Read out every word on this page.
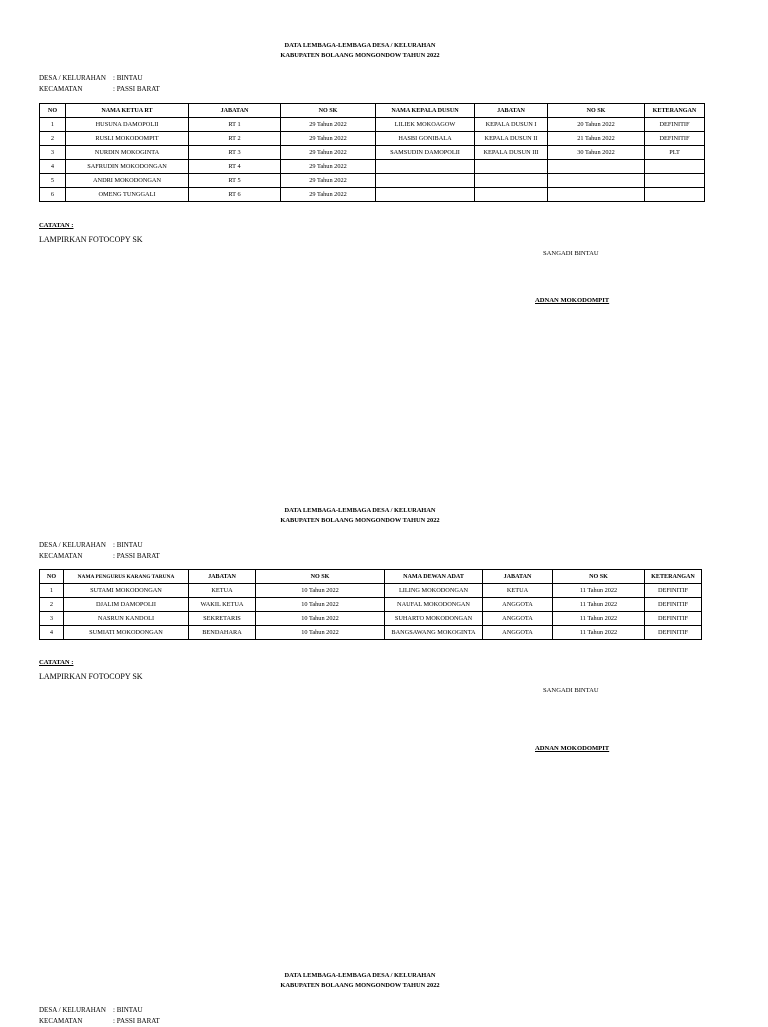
DATA LEMBAGA-LEMBAGA DESA / KELURAHAN
KABUPATEN BOLAANG MONGONDOW TAHUN 2022
DESA / KELURAHAN : BINTAU
KECAMATAN	: PASSI BARAT
NO	NAMA KETUA RT	JABATAN	NO SK	NAMA KEPALA DUSUN	JABATAN	NO SK	KETERANGAN
1	HUSUNA DAMOPOLII	RT 1	29 Tahun 2022	LILIEK MOKOAGOW	KEPALA DUSUN I	20 Tahun 2022	DEFINITIF
2	RUSLI MOKODOMPIT	RT 2	29 Tahun 2022	HASBI GONIBALA	KEPALA DUSUN II	21 Tahun 2022	DEFINITIF
3	NURDIN MOKOGINTA	RT 3	29 Tahun 2022	SAMSUDIN DAMOPOLII	KEPALA DUSUN III	30 Tahun 2022	PLT
4	SAFRUDIN MOKODONGAN	RT 4	29 Tahun 2022				
5	ANDRI MOKODONGAN	RT 5	29 Tahun 2022				
6	OMENG TUNGGALI	RT 6	29 Tahun 2022				
CATATAN :
LAMPIRKAN FOTOCOPY SK
SANGADI BINTAU
ADNAN MOKODOMPIT
DATA LEMBAGA-LEMBAGA DESA / KELURAHAN
KABUPATEN BOLAANG MONGONDOW TAHUN 2022
DESA / KELURAHAN : BINTAU
KECAMATAN	: PASSI BARAT
NO	NAMA PENGURUS KARANG TARUNA	JABATAN	NO SK	NAMA DEWAN ADAT	JABATAN	NO SK	KETERANGAN
1	SUTAMI MOKODONGAN	KETUA	10 Tahun 2022	LILING MOKODONGAN	KETUA	11 Tahun 2022	DEFINITIF
2	DJALIM DAMOPOLII	WAKIL KETUA	10 Tahun 2022	NAUFAL MOKODONGAN	ANGGOTA	11 Tahun 2022	DEFINITIF
3	NASRUN KANDOLI	SEKRETARIS	10 Tahun 2022	SUHARTO MOKODONGAN	ANGGOTA	11 Tahun 2022	DEFINITIF
4	SUMIATI MOKODONGAN	BENDAHARA	10 Tahun 2022	BANGSAWANG MOKOGINTA	ANGGOTA	11 Tahun 2022	DEFINITIF
CATATAN :
LAMPIRKAN FOTOCOPY SK
SANGADI BINTAU
ADNAN MOKODOMPIT
DATA LEMBAGA-LEMBAGA DESA / KELURAHAN
KABUPATEN BOLAANG MONGONDOW TAHUN 2022
DESA / KELURAHAN : BINTAU
KECAMATAN	: PASSI BARAT
